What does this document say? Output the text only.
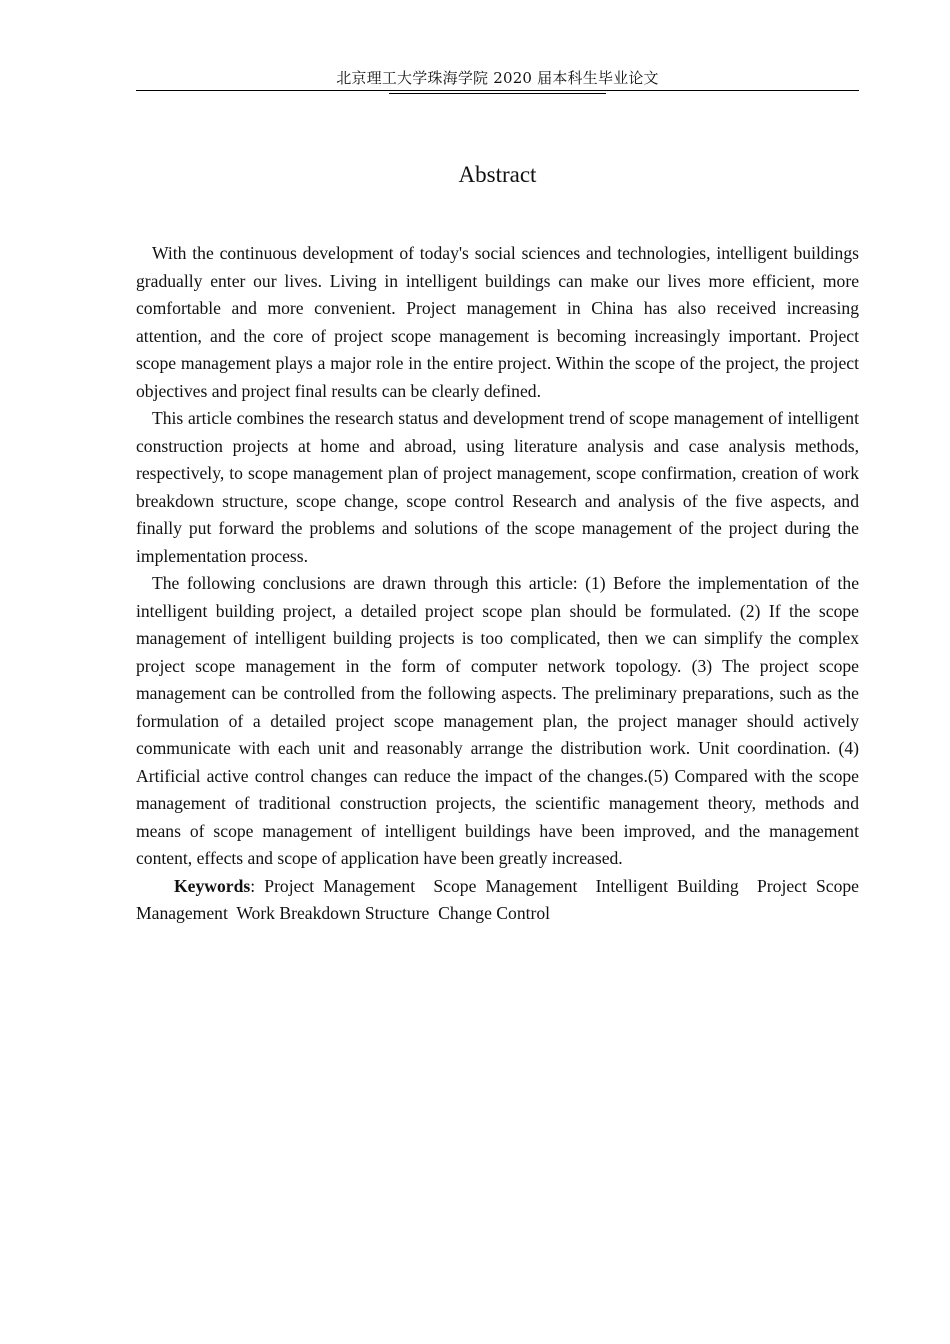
北京理工大学珠海学院 2020 届本科生毕业论文
Abstract

With the continuous development of today's social sciences and technologies, intelligent buildings gradually enter our lives. Living in intelligent buildings can make our lives more efficient, more comfortable and more convenient. Project management in China has also received increasing attention, and the core of project scope management is becoming increasingly important. Project scope management plays a major role in the entire project. Within the scope of the project, the project objectives and project final results can be clearly defined.

This article combines the research status and development trend of scope management of intelligent construction projects at home and abroad, using literature analysis and case analysis methods, respectively, to scope management plan of project management, scope confirmation, creation of work breakdown structure, scope change, scope control Research and analysis of the five aspects, and finally put forward the problems and solutions of the scope management of the project during the implementation process.

The following conclusions are drawn through this article: (1) Before the implementation of the intelligent building project, a detailed project scope plan should be formulated. (2) If the scope management of intelligent building projects is too complicated, then we can simplify the complex project scope management in the form of computer network topology. (3) The project scope management can be controlled from the following aspects. The preliminary preparations, such as the formulation of a detailed project scope management plan, the project manager should actively communicate with each unit and reasonably arrange the distribution work. Unit coordination. (4) Artificial active control changes can reduce the impact of the changes.(5) Compared with the scope management of traditional construction projects, the scientific management theory, methods and means of scope management of intelligent buildings have been improved, and the management content, effects and scope of application have been greatly increased.

Keywords: Project Management  Scope Management  Intelligent Building  Project Scope Management  Work Breakdown Structure  Change Control
